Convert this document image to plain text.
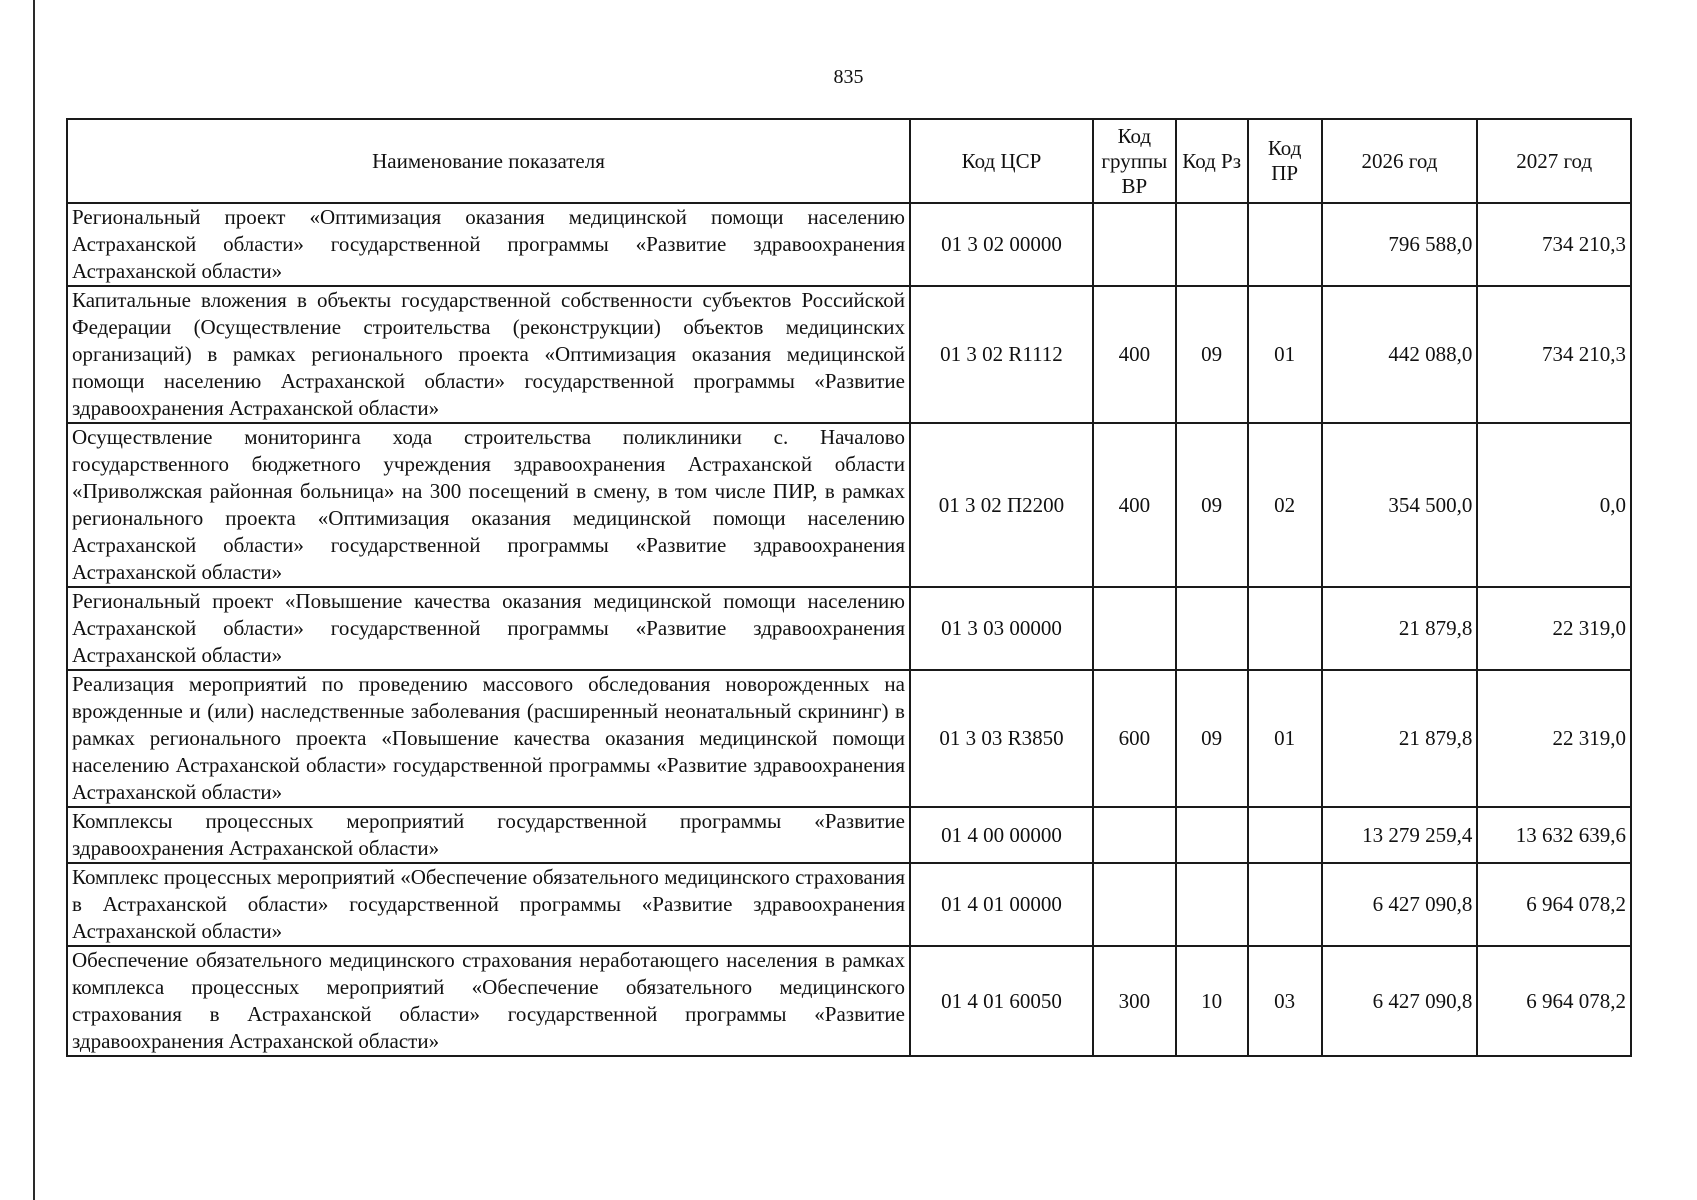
835
Наименование показателя	Код ЦСР	Код группы ВР	Код Рз	Код ПР	2026 год	2027 год
Региональный проект «Оптимизация оказания медицинской помощи населению Астраханской области» государственной программы «Развитие здравоохранения Астраханской области»	01 3 02 00000				796 588,0	734 210,3
Капитальные вложения в объекты государственной собственности субъектов Российской Федерации (Осуществление строительства (реконструкции) объектов медицинских организаций) в рамках регионального проекта «Оптимизация оказания медицинской помощи населению Астраханской области» государственной программы «Развитие здравоохранения Астраханской области»	01 3 02 R1112	400	09	01	442 088,0	734 210,3
Осуществление мониторинга хода строительства поликлиники с. Началово государственного бюджетного учреждения здравоохранения Астраханской области «Приволжская районная больница» на 300 посещений в смену, в том числе ПИР, в рамках регионального проекта «Оптимизация оказания медицинской помощи населению Астраханской области» государственной программы «Развитие здравоохранения Астраханской области»	01 3 02 П2200	400	09	02	354 500,0	0,0
Региональный проект «Повышение качества оказания медицинской помощи населению Астраханской области» государственной программы «Развитие здравоохранения Астраханской области»	01 3 03 00000				21 879,8	22 319,0
Реализация мероприятий по проведению массового обследования новорожденных на врожденные и (или) наследственные заболевания (расширенный неонатальный скрининг) в рамках регионального проекта «Повышение качества оказания медицинской помощи населению Астраханской области» государственной программы «Развитие здравоохранения Астраханской области»	01 3 03 R3850	600	09	01	21 879,8	22 319,0
Комплексы процессных мероприятий государственной программы «Развитие здравоохранения Астраханской области»	01 4 00 00000				13 279 259,4	13 632 639,6
Комплекс процессных мероприятий «Обеспечение обязательного медицинского страхования в Астраханской области» государственной программы «Развитие здравоохранения Астраханской области»	01 4 01 00000				6 427 090,8	6 964 078,2
Обеспечение обязательного медицинского страхования неработающего населения в рамках комплекса процессных мероприятий «Обеспечение обязательного медицинского страхования в Астраханской области» государственной программы «Развитие здравоохранения Астраханской области»	01 4 01 60050	300	10	03	6 427 090,8	6 964 078,2
